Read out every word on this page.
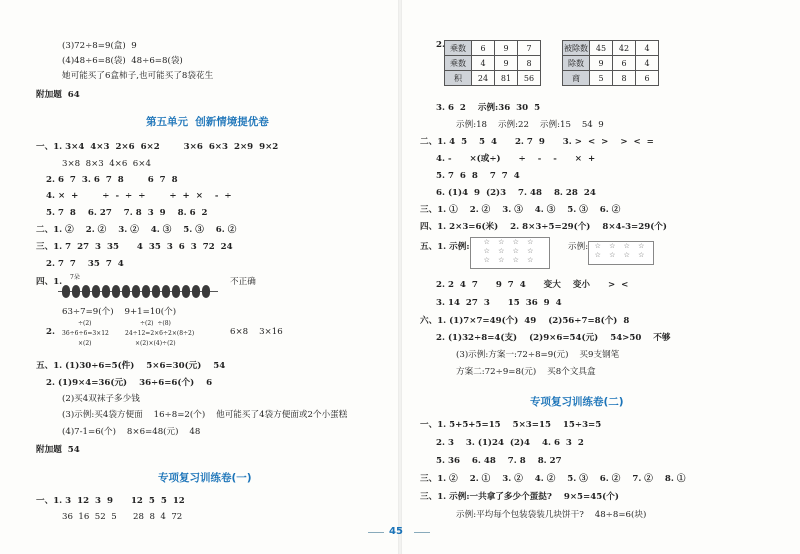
(3)72÷8=9(盒)  9
(4)48÷6=8(袋)  48÷6=8(袋)
她可能买了6盒柿子,也可能买了8袋花生
附加题  64
第五单元  创新情境提优卷
一、1. 3×4  4×3  2×6  6×2        3×6  6×3  2×9  9×2
3×8  8×3  4×6  6×4
2. 6  7  3. 6  7  8        6  7  8
4. ×  +        ÷  -  ÷  ÷        ÷  +  ×    -  ÷
5. 7  8    6. 27    7. 8  3  9    8. 6  2
二、1. ②    2. ②    3. ②    4. ③    5. ③    6. ②
三、1. 7  27  3  35      4  35  3  6  3  72  24
2. 7  7    35  7  4
四、1. 7朵	不正确
63÷7=9(个)    9+1=10(个)
2.
÷(2)
36÷6÷6=3×12
×(2)
÷(2)  ÷(8)
24÷12=2×6÷2×(8÷2)
×(2)×(4)÷(2)
6×8    3×16
五、1. (1)30÷6=5(件)    5×6=30(元)    54
2. (1)9×4=36(元)    36÷6=6(个)    6
(2)买4双袜子多少钱
(3)示例:买4袋方便面    16÷8=2(个)    他可能买了4袋方便面或2个小蛋糕
(4)7-1=6(个)    8×6=48(元)    48
附加题  54
专项复习训练卷(一)
一、1. 3  12  3  9      12  5  5  12
36  16  52  5      28  8  4  72
2. 乘数	6	9	7
乘数	4	9	8
积	24	81	56
被除数	45	42	4
除数	9	6	4
商	5	8	6
3. 6  2    示例:36  30  5
示例:18    示例:22    示例:15    54  9
二、1. 4  5    5  4      2. 7  9      3. >  <  >    >  <  =
4. -      ×(或÷)      ÷    -    -      ×  +
5. 7  6  8    7  7  4
6. (1)4  9  (2)3    7. 48    8. 28  24
三、1. ①    2. ②    3. ③    4. ③    5. ③    6. ②
四、1. 2×3=6(米)    2. 8×3÷5=29(个)    8×4-3=29(个)
五、1. 示例:	☆ ☆ ☆ ☆
☆ ☆ ☆ ☆
☆ ☆ ☆ ☆
示例: ☆ ☆ ☆ ☆
☆ ☆ ☆ ☆
2. 2  4  7      9  7  4      变大    变小      >  <
3. 14  27  3      15  36  9  4
六、1. (1)7×7=49(个)  49    (2)56÷7=8(个)  8
2. (1)32÷8=4(支)    (2)9×6=54(元)    54>50    不够
(3)示例:方案一:72÷8=9(元)    买9支钢笔
方案二:72÷9=8(元)    买8个文具盒
专项复习训练卷(二)
一、1. 5+5+5=15    5×3=15    15÷3=5
2. 3    3. (1)24  (2)4    4. 6  3  2
5. 36    6. 48    7. 8    8. 27
三、1. ②    2. ①    3. ②    4. ②    5. ③    6. ②    7. ②    8. ①
三、1. 示例:一共拿了多少个蛋挞?    9×5=45(个)
示例:平均每个包装袋装几块饼干?    48÷8=6(块)
45
